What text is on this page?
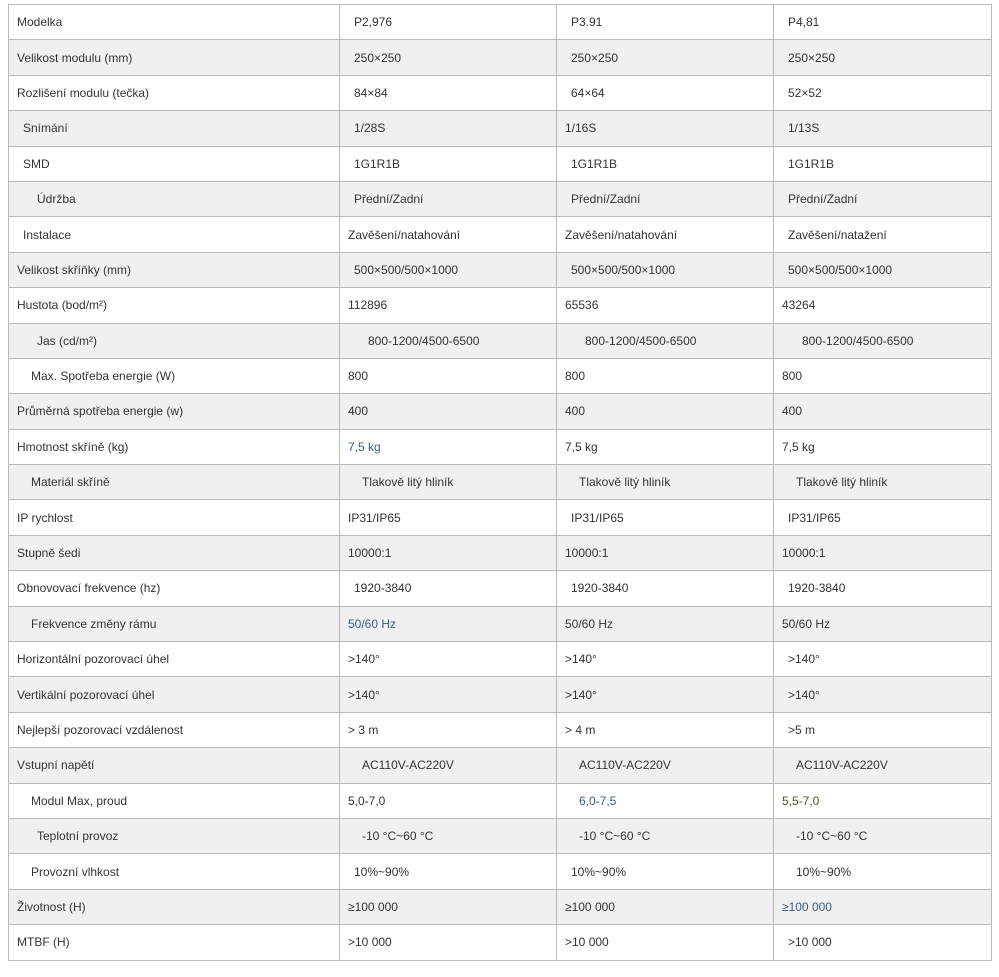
Modelka	P2,976	P3.91	P4,81
Velikost modulu (mm)	250×250	250×250	250×250
Rozlišení modulu (tečka)	84×84	64×64	52×52
Snímání	1/28S	1/16S	1/13S
SMD	1G1R1B	1G1R1B	1G1R1B
Údržba	Přední/Zadní	Přední/Zadní	Přední/Zadní
Instalace	Zavěšení/natahování	Zavěšení/natahování	Zavěšení/natažení
Velikost skříňky (mm)	500×500/500×1000	500×500/500×1000	500×500/500×1000
Hustota (bod/m²)	112896	65536	43264
Jas (cd/m²)	800-1200/4500-6500	800-1200/4500-6500	800-1200/4500-6500
Max. Spotřeba energie (W)	800	800	800
Průměrná spotřeba energie (w)	400	400	400
Hmotnost skříně (kg)	7,5 kg	7,5 kg	7,5 kg
Materiál skříně	Tlakově litý hliník	Tlakově litý hliník	Tlakově litý hliník
IP rychlost	IP31/IP65	IP31/IP65	IP31/IP65
Stupně šedi	10000:1	10000:1	10000:1
Obnovovací frekvence (hz)	1920-3840	1920-3840	1920-3840
Frekvence změny rámu	50/60 Hz	50/60 Hz	50/60 Hz
Horizontální pozorovací úhel	>140°	>140°	>140°
Vertikální pozorovací úhel	>140°	>140°	>140°
Nejlepší pozorovací vzdálenost	> 3 m	> 4 m	>5 m
Vstupní napětí	AC110V-AC220V	AC110V-AC220V	AC110V-AC220V
Modul Max, proud	5,0-7,0	6,0-7,5	5,5-7,0
Teplotní provoz	-10 °C~60 °C	-10 °C~60 °C	-10 °C~60 °C
Provozní vlhkost	10%~90%	10%~90%	10%~90%
Životnost (H)	≥100 000	≥100 000	≥100 000
MTBF (H)	>10 000	>10 000	>10 000
